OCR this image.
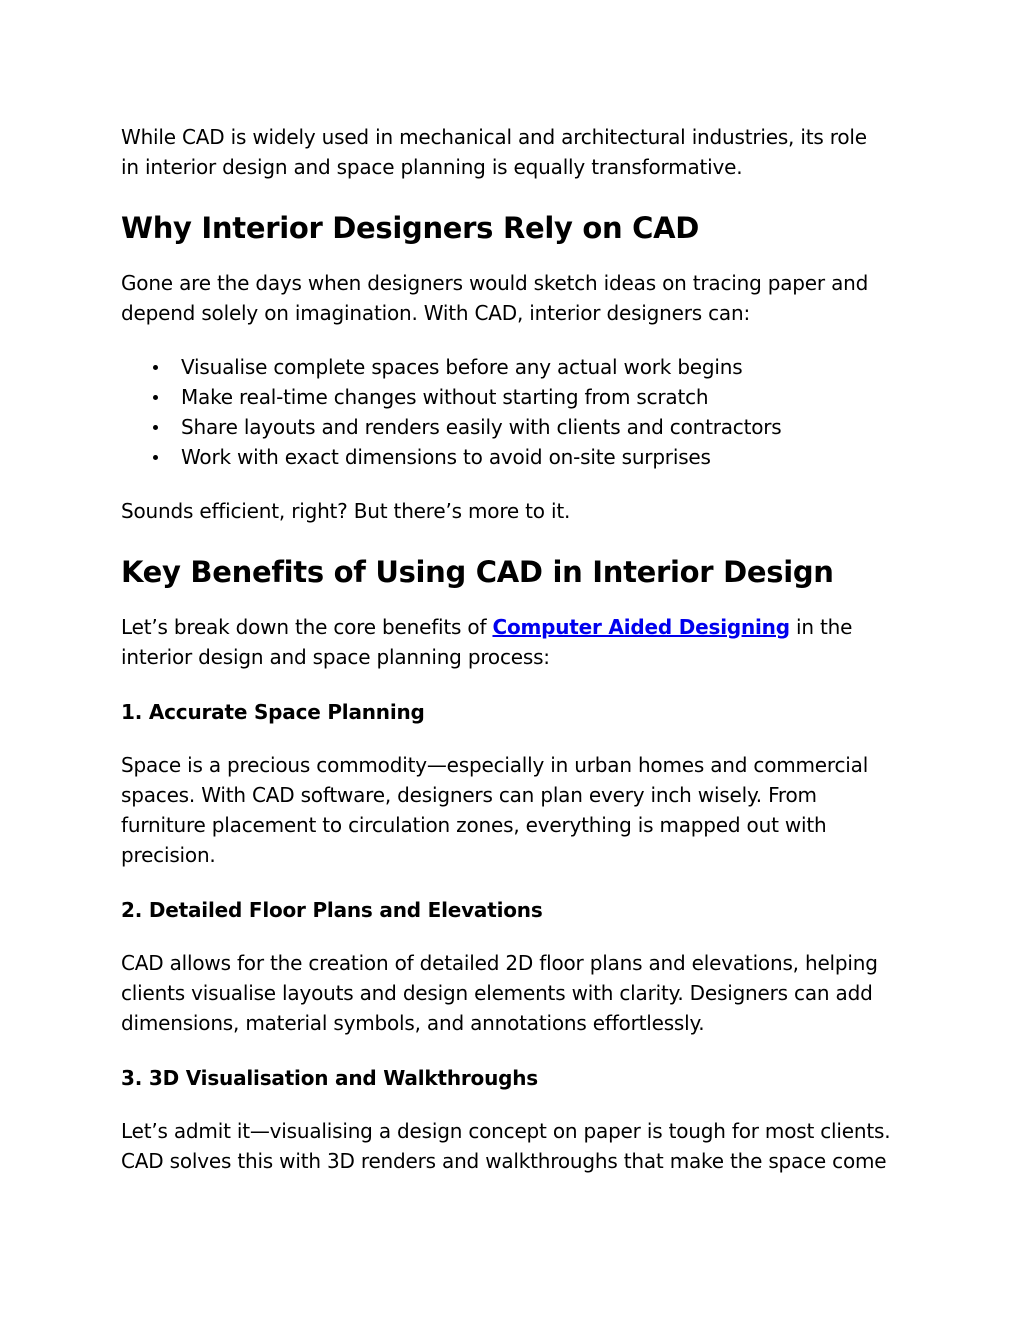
While CAD is widely used in mechanical and architectural industries, its role
in interior design and space planning is equally transformative.

Why Interior Designers Rely on CAD

Gone are the days when designers would sketch ideas on tracing paper and
depend solely on imagination. With CAD, interior designers can:

Visualise complete spaces before any actual work begins
Make real-time changes without starting from scratch
Share layouts and renders easily with clients and contractors
Work with exact dimensions to avoid on-site surprises

Sounds efficient, right? But there’s more to it.

Key Benefits of Using CAD in Interior Design

Let’s break down the core benefits of Computer Aided Designing in the
interior design and space planning process:

1. Accurate Space Planning

Space is a precious commodity—especially in urban homes and commercial
spaces. With CAD software, designers can plan every inch wisely. From
furniture placement to circulation zones, everything is mapped out with
precision.

2. Detailed Floor Plans and Elevations

CAD allows for the creation of detailed 2D floor plans and elevations, helping
clients visualise layouts and design elements with clarity. Designers can add
dimensions, material symbols, and annotations effortlessly.

3. 3D Visualisation and Walkthroughs

Let’s admit it—visualising a design concept on paper is tough for most clients.
CAD solves this with 3D renders and walkthroughs that make the space come
